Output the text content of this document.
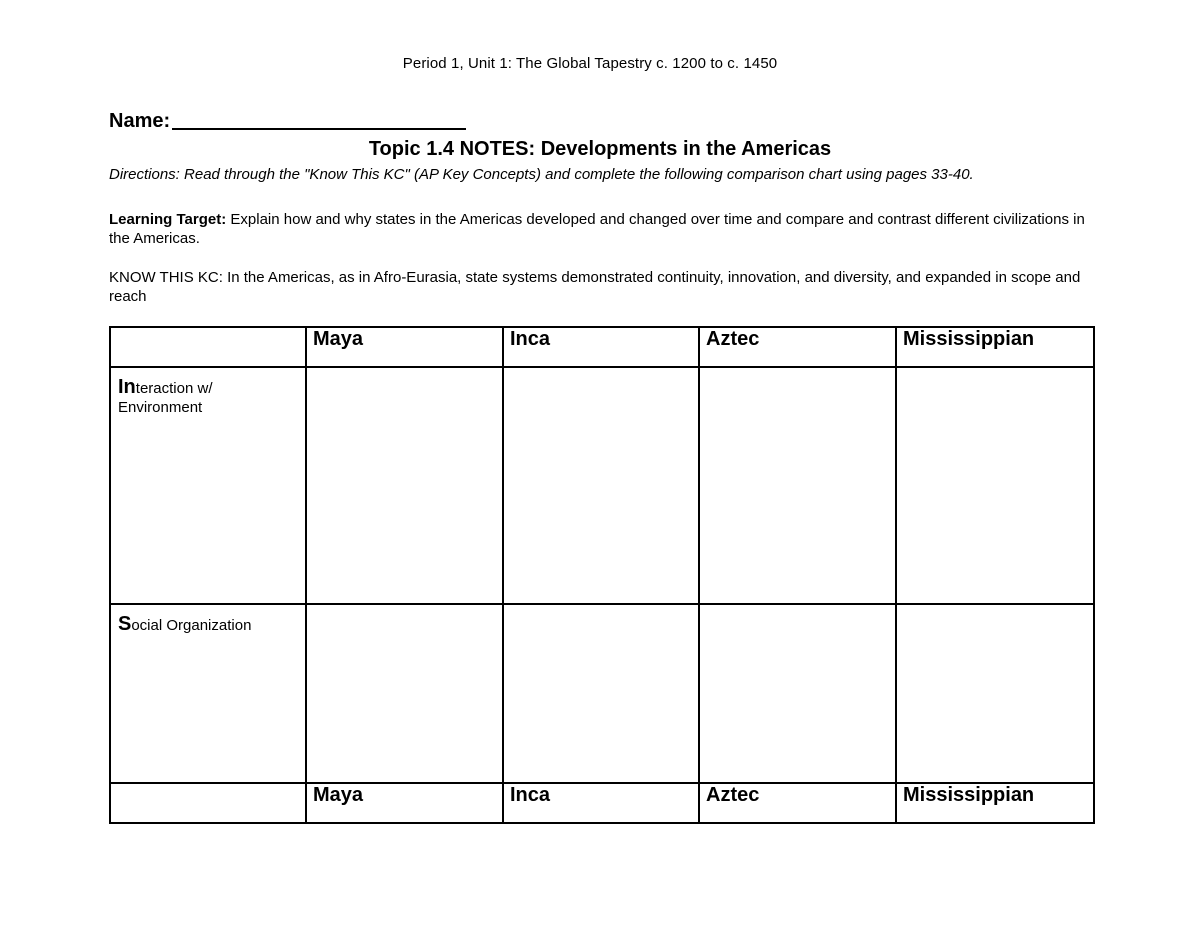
Period 1, Unit 1: The Global Tapestry c. 1200 to c. 1450
Name:
Topic 1.4 NOTES: Developments in the Americas
Directions: Read through the "Know This KC" (AP Key Concepts) and complete the following comparison chart using pages 33-40.
Learning Target: Explain how and why states in the Americas developed and changed over time and compare and contrast different civilizations in the Americas.
KNOW THIS KC: In the Americas, as in Afro-Eurasia, state systems demonstrated continuity, innovation, and diversity, and expanded in scope and reach
	Maya	Inca	Aztec	Mississippian
Interaction w/ Environment				
Social Organization				
	Maya	Inca	Aztec	Mississippian
